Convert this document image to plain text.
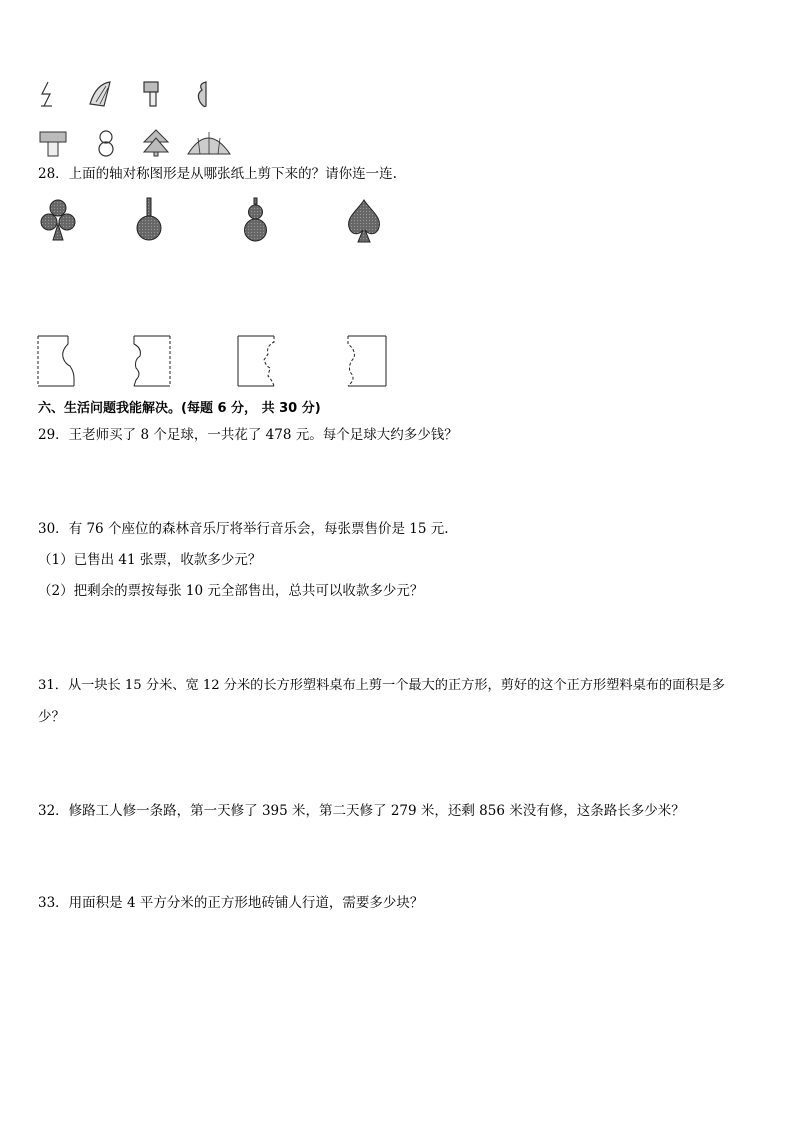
28．上面的轴对称图形是从哪张纸上剪下来的？请你连一连.
六、生活问题我能解决。(每题 6 分， 共 30 分)
29．王老师买了 8 个足球，一共花了 478 元。每个足球大约多少钱？
30．有 76 个座位的森林音乐厅将举行音乐会，每张票售价是 15 元.
（1）已售出 41 张票，收款多少元？
（2）把剩余的票按每张 10 元全部售出，总共可以收款多少元？
31．从一块长 15 分米、宽 12 分米的长方形塑料桌布上剪一个最大的正方形，剪好的这个正方形塑料桌布的面积是多
少？
32．修路工人修一条路，第一天修了 395 米，第二天修了 279 米，还剩 856 米没有修，这条路长多少米？
33．用面积是 4 平方分米的正方形地砖铺人行道，需要多少块？
